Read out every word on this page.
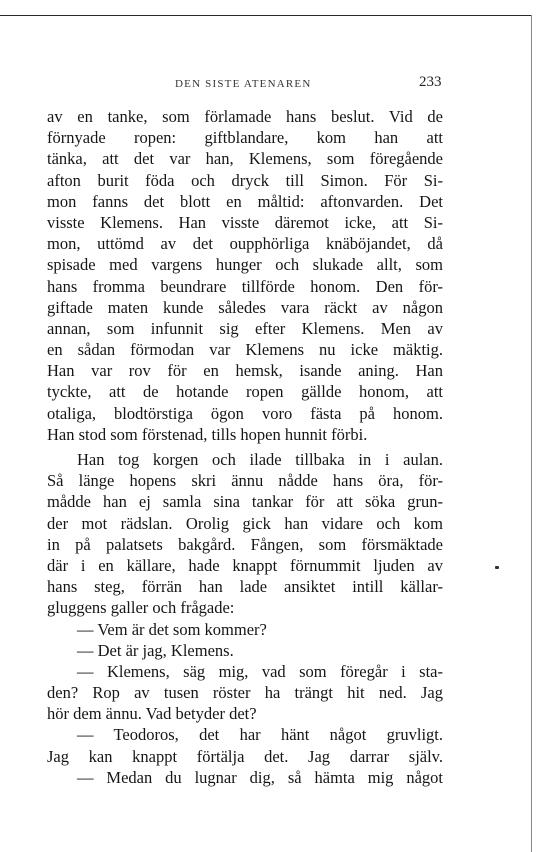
DEN SISTE ATENAREN	233
av en tanke, som förlamade hans beslut. Vid de
förnyade ropen: giftblandare, kom han att
tänka, att det var han, Klemens, som föregående
afton burit föda och dryck till Simon. För Si-
mon fanns det blott en måltid: aftonvarden. Det
visste Klemens. Han visste däremot icke, att Si-
mon, uttömd av det oupphörliga knäböjandet, då
spisade med vargens hunger och slukade allt, som
hans fromma beundrare tillförde honom. Den för-
giftade maten kunde således vara räckt av någon
annan, som infunnit sig efter Klemens. Men av
en sådan förmodan var Klemens nu icke mäktig.
Han var rov för en hemsk, isande aning. Han
tyckte, att de hotande ropen gällde honom, att
otaliga, blodtörstiga ögon voro fästa på honom.
Han stod som förstenad, tills hopen hunnit förbi.
Han tog korgen och ilade tillbaka in i aulan.
Så länge hopens skri ännu nådde hans öra, för-
mådde han ej samla sina tankar för att söka grun-
der mot rädslan. Orolig gick han vidare och kom
in på palatsets bakgård. Fången, som försmäktade
där i en källare, hade knappt förnummit ljuden av
hans steg, förrän han lade ansiktet intill källar-
gluggens galler och frågade:
— Vem är det som kommer?
— Det är jag, Klemens.
— Klemens, säg mig, vad som föregår i sta-
den? Rop av tusen röster ha trängt hit ned. Jag
hör dem ännu. Vad betyder det?
— Teodoros, det har hänt något gruvligt.
Jag kan knappt förtälja det. Jag darrar själv.
— Medan du lugnar dig, så hämta mig något
